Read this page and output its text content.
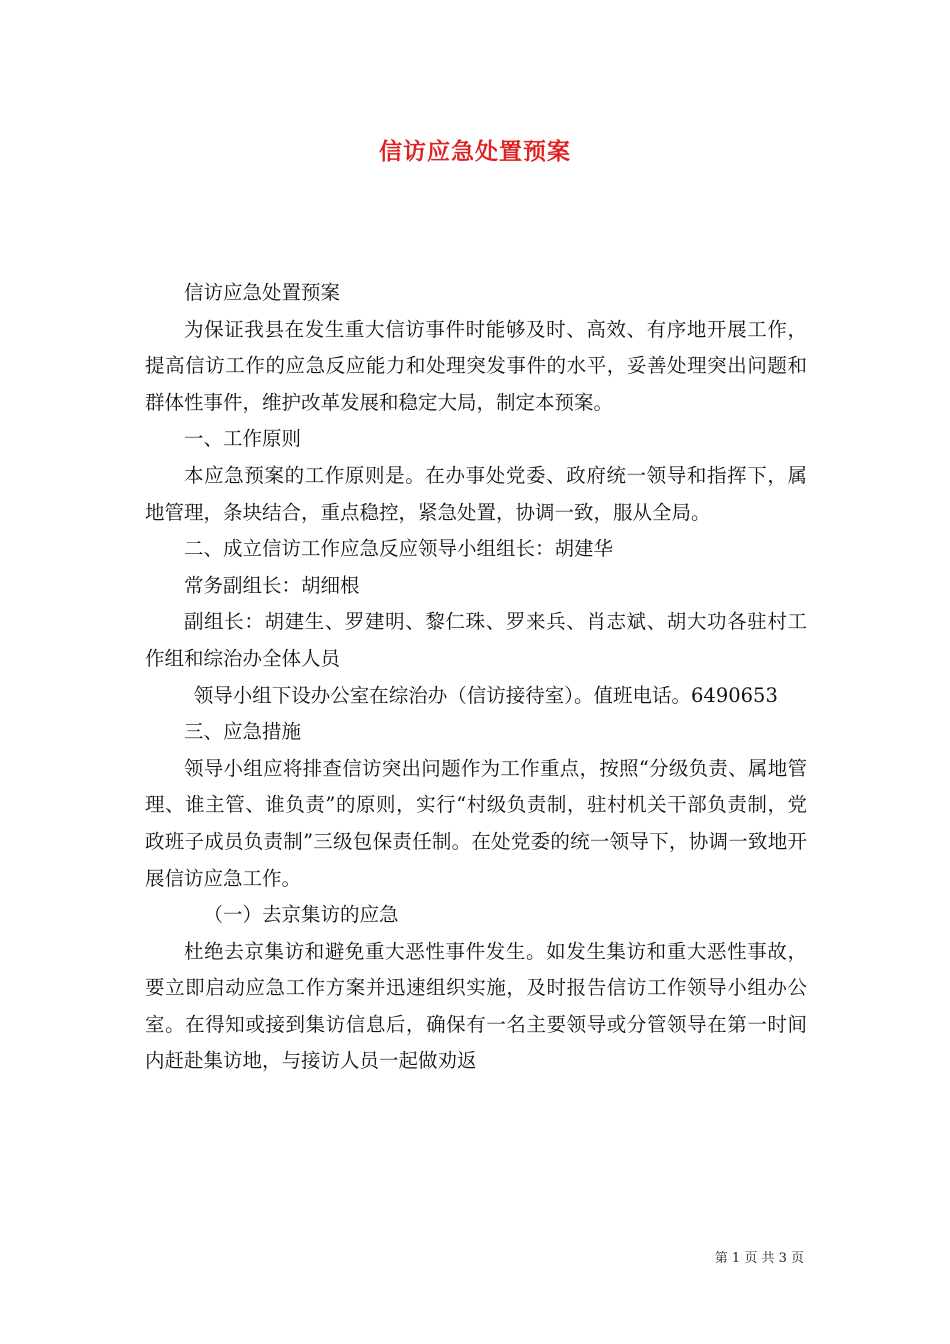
信访应急处置预案

信访应急处置预案

为保证我县在发生重大信访事件时能够及时、高效、有序地开展工作，提高信访工作的应急反应能力和处理突发事件的水平，妥善处理突出问题和群体性事件，维护改革发展和稳定大局，制定本预案。

一、工作原则

本应急预案的工作原则是。在办事处党委、政府统一领导和指挥下，属地管理，条块结合，重点稳控，紧急处置，协调一致，服从全局。

二、成立信访工作应急反应领导小组组长：胡建华

常务副组长：胡细根

副组长：胡建生、罗建明、黎仁珠、罗来兵、肖志斌、胡大功各驻村工作组和综治办全体人员

领导小组下设办公室在综治办（信访接待室）。值班电话。6490653

三、应急措施

领导小组应将排查信访突出问题作为工作重点，按照“分级负责、属地管理、谁主管、谁负责”的原则，实行“村级负责制，驻村机关干部负责制，党政班子成员负责制”三级包保责任制。在处党委的统一领导下，协调一致地开展信访应急工作。

（一）去京集访的应急

杜绝去京集访和避免重大恶性事件发生。如发生集访和重大恶性事故，要立即启动应急工作方案并迅速组织实施，及时报告信访工作领导小组办公室。在得知或接到集访信息后，确保有一名主要领导或分管领导在第一时间内赶赴集访地，与接访人员一起做劝返

第 1 页 共 3 页
